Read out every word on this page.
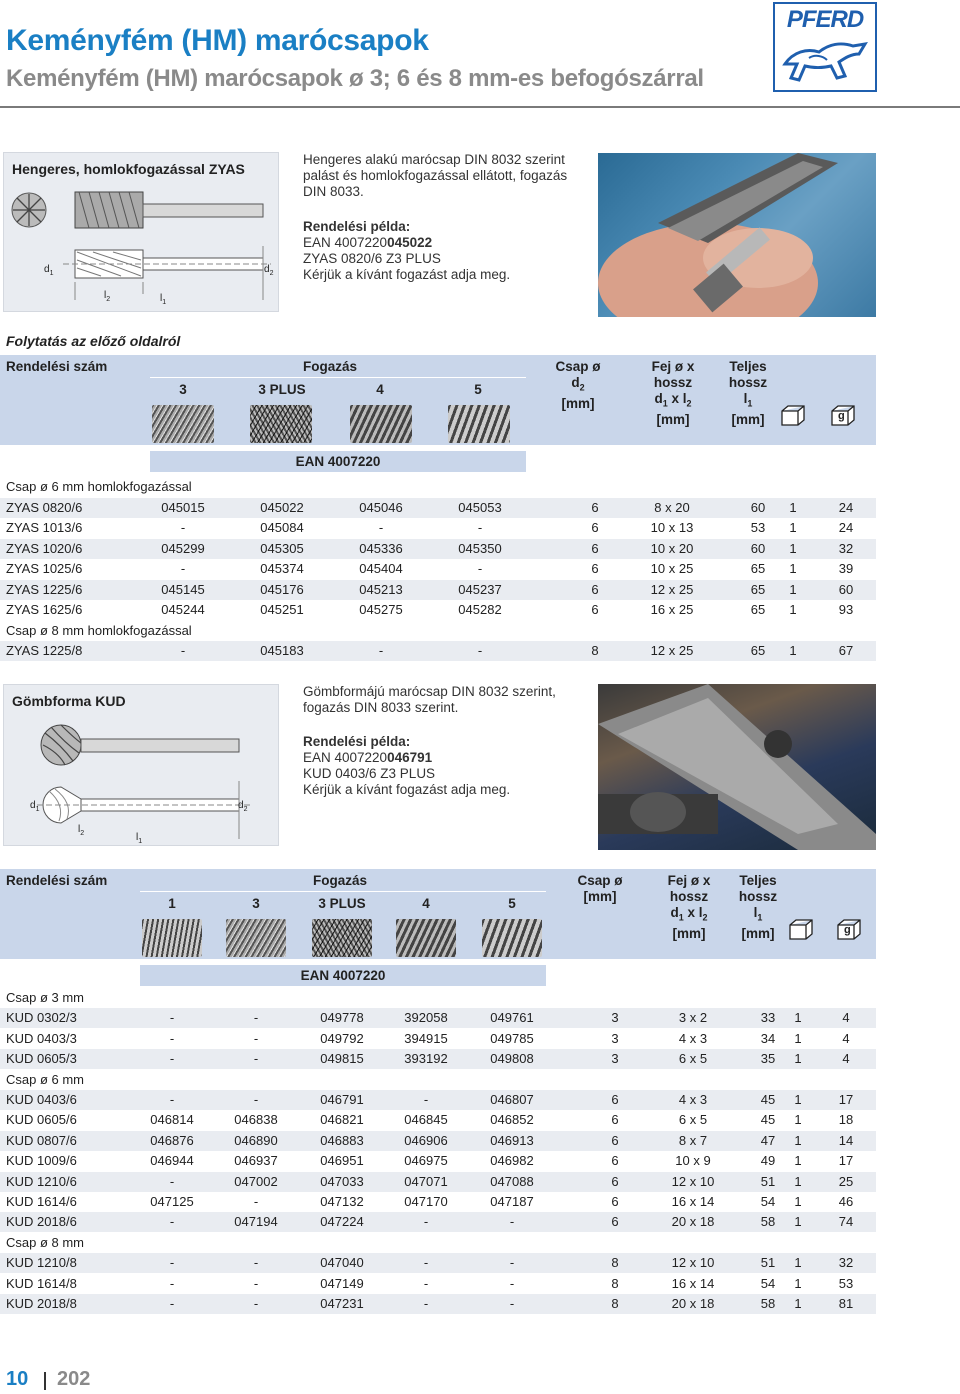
Keményfém (HM) marócsapok
Keményfém (HM) marócsapok ø 3; 6 és 8 mm-es befogószárral
PFERD
Hengeres, homlokfogazással ZYAS
$d_1$	$d_2$
$l_2$	$l_1$
Hengeres alakú marócsap DIN 8032 szerint palást és homlokfogazással ellátott, fogazás DIN 8033.
Rendelési példa:
EAN 4007220045022
ZYAS 0820/6 Z3 PLUS
Kérjük a kívánt fogazást adja meg.
Folytatás az előző oldalról
Rendelési szám	Fogazás
3	3 PLUS	4	5
Csap ø
$d_2$
[mm]
Fej ø x
hossz
$d_1$ x $l_2$
[mm]
Teljes
hossz
$l_1$
[mm]	g
EAN 4007220
Csap ø 6 mm homlokfogazással
ZYAS 0820/6	045015	045022	045046	045053	6	8 x 20	60 1	24
ZYAS 1013/6	-	045084	-	-	6	10 x 13	53 1	24
ZYAS 1020/6	045299	045305	045336	045350	6	10 x 20	60 1	32
ZYAS 1025/6	-	045374	045404	-	6	10 x 25	65 1	39
ZYAS 1225/6	045145	045176	045213	045237	6	12 x 25	65 1	60
ZYAS 1625/6	045244	045251	045275	045282	6	16 x 25	65 1	93
Csap ø 8 mm homlokfogazással
ZYAS 1225/8	-	045183	-	-	8	12 x 25	65 1	67
Gömbforma KUD
$d_1$	$d_2$
$l_2$	$l_1$
Gömbformájú marócsap DIN 8032 szerint, fogazás DIN 8033 szerint.
Rendelési példa:
EAN 4007220046791
KUD 0403/6 Z3 PLUS
Kérjük a kívánt fogazást adja meg.
Rendelési szám	Fogazás
1	3	3 PLUS	4	5
Csap ø
[mm]
Fej ø x
hossz
$d_1$ x $l_2$
[mm]
Teljes
hossz
$l_1$
[mm]	g
EAN 4007220
Csap ø 3 mm
KUD 0302/3	-	-	049778	392058	049761	3	3 x 2	33 1	4
KUD 0403/3	-	-	049792	394915	049785	3	4 x 3	34 1	4
KUD 0605/3	-	-	049815	393192	049808	3	6 x 5	35 1	4
Csap ø 6 mm
KUD 0403/6	-	-	046791	-	046807	6	4 x 3	45 1	17
KUD 0605/6	046814	046838	046821	046845	046852	6	6 x 5	45 1	18
KUD 0807/6	046876	046890	046883	046906	046913	6	8 x 7	47 1	14
KUD 1009/6	046944	046937	046951	046975	046982	6	10 x 9	49 1	17
KUD 1210/6	-	047002	047033	047071	047088	6	12 x 10	51 1	25
KUD 1614/6	047125	-	047132	047170	047187	6	16 x 14	54 1	46
KUD 2018/6	-	047194	047224	-	-	6	20 x 18	58 1	74
Csap ø 8 mm
KUD 1210/8	-	-	047040	-	-	8	12 x 10	51 1	32
KUD 1614/8	-	-	047149	-	-	8	16 x 14	54 1	53
KUD 2018/8	-	-	047231	-	-	8	20 x 18	58 1	81
10 202
